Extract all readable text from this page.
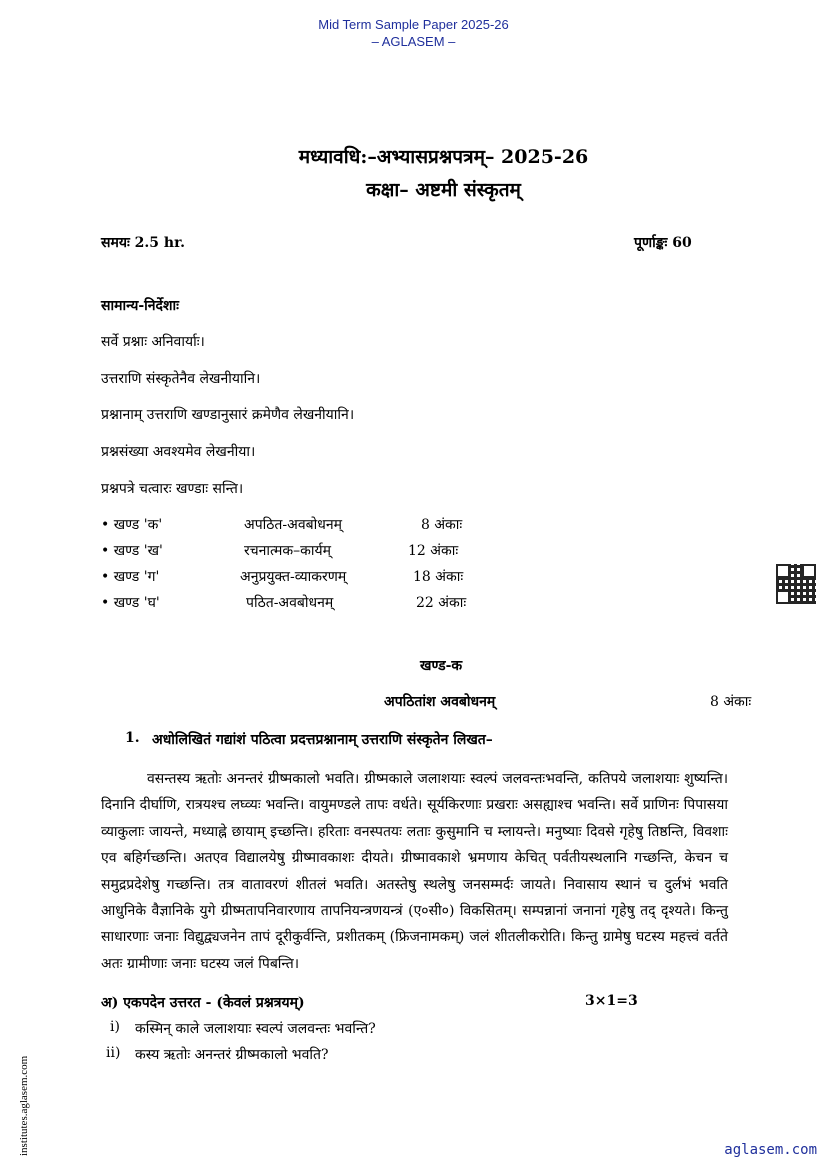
Mid Term Sample Paper 2025-26
– AGLASEM –
मध्यावधि:–अभ्यासप्रश्नपत्रम्– 2025-26
कक्षा– अष्टमी संस्कृतम्
समयः 2.5 hr.	पूर्णाङ्कः 60
सामान्य-निर्देशाः
सर्वे प्रश्नाः अनिवार्याः।
उत्तराणि संस्कृतेनैव लेखनीयानि।
प्रश्नानाम् उत्तराणि खण्डानुसारं क्रमेणैव लेखनीयानि।
प्रश्नसंख्या अवश्यमेव लेखनीया।
प्रश्नपत्रे चत्वारः खण्डाः सन्ति।
• खण्ड 'क'	अपठित-अवबोधनम्	8 अंकाः
• खण्ड 'ख'	रचनात्मक–कार्यम्	12 अंकाः
• खण्ड 'ग'	अनुप्रयुक्त-व्याकरणम्	18 अंकाः
• खण्ड 'घ'	पठित-अवबोधनम्	22 अंकाः
खण्ड-क
अपठितांश अवबोधनम्	8 अंकाः
1. अधोलिखितं गद्यांशं पठित्वा प्रदत्तप्रश्नानाम् उत्तराणि संस्कृतेन लिखत–

वसन्तस्य ऋतोः अनन्तरं ग्रीष्मकालो भवति। ग्रीष्मकाले जलाशयाः स्वल्पं जलवन्तःभवन्ति, कतिपये जलाशयाः शुष्यन्ति। दिनानि दीर्घाणि, रात्रयश्च लघ्व्यः भवन्ति। वायुमण्डले तापः वर्धते। सूर्यकिरणाः प्रखराः असह्याश्च भवन्ति। सर्वे प्राणिनः पिपासया व्याकुलाः जायन्ते, मध्याह्ने छायाम् इच्छन्ति। हरिताः वनस्पतयः लताः कुसुमानि च म्लायन्ते। मनुष्याः दिवसे गृहेषु तिष्ठन्ति, विवशाः एव बहिर्गच्छन्ति। अतएव विद्यालयेषु ग्रीष्मावकाशः दीयते। ग्रीष्मावकाशे भ्रमणाय केचित् पर्वतीयस्थलानि गच्छन्ति, केचन च समुद्रप्रदेशेषु गच्छन्ति। तत्र वातावरणं शीतलं भवति। अतस्तेषु स्थलेषु जनसम्मर्दः जायते। निवासाय स्थानं च दुर्लभं भवति आधुनिके वैज्ञानिके युगे ग्रीष्मतापनिवारणाय तापनियन्त्रणयन्त्रं (ए०सी०) विकसितम्। सम्पन्नानां जनानां गृहेषु तद् दृश्यते। किन्तु साधारणाः जनाः विद्युद्व्यजनेन तापं दूरीकुर्वन्ति, प्रशीतकम् (फ्रिजनामकम्) जलं शीतलीकरोति। किन्तु ग्रामेषु घटस्य महत्त्वं वर्तते अतः ग्रामीणाः जनाः घटस्य जलं पिबन्ति।

अ) एकपदेन उत्तरत - (केवलं प्रश्नत्रयम्)	3×1=3
i) कस्मिन् काले जलाशयाः स्वल्पं जलवन्तः भवन्ति?
ii) कस्य ऋतोः अनन्तरं ग्रीष्मकालो भवति?
institutes.aglasem.com	aglasem.com
